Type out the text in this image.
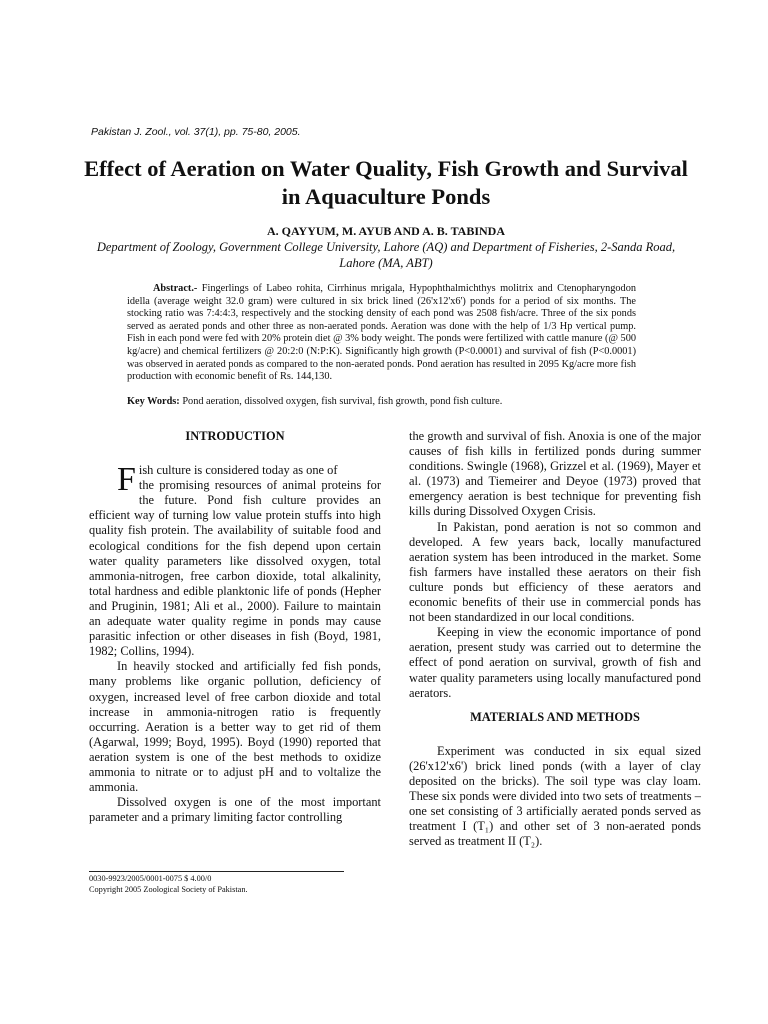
Pakistan J. Zool., vol. 37(1), pp. 75-80, 2005.
Effect of Aeration on Water Quality, Fish Growth and Survival in Aquaculture Ponds
A. QAYYUM, M. AYUB AND A. B. TABINDA
Department of Zoology, Government College University, Lahore (AQ) and Department of Fisheries, 2-Sanda Road, Lahore (MA, ABT)
Abstract.- Fingerlings of Labeo rohita, Cirrhinus mrigala, Hypophthalmichthys molitrix and Ctenopharyngodon idella (average weight 32.0 gram) were cultured in six brick lined (26'x12'x6') ponds for a period of six months. The stocking ratio was 7:4:4:3, respectively and the stocking density of each pond was 2508 fish/acre. Three of the six ponds served as aerated ponds and other three as non-aerated ponds. Aeration was done with the help of 1/3 Hp vertical pump. Fish in each pond were fed with 20% protein diet @ 3% body weight. The ponds were fertilized with cattle manure (@ 500 kg/acre) and chemical fertilizers @ 20:2:0 (N:P:K). Significantly high growth (P<0.0001) and survival of fish (P<0.0001) was observed in aerated ponds as compared to the non-aerated ponds. Pond aeration has resulted in 2095 Kg/acre more fish production with economic benefit of Rs. 144,130.
Key Words: Pond aeration, dissolved oxygen, fish survival, fish growth, pond fish culture.
INTRODUCTION

F ish culture is considered today as one of
the promising resources of animal proteins for the future. Pond fish culture provides an efficient way of turning low value protein stuffs into high quality fish protein. The availability of suitable food and ecological conditions for the fish depend upon certain water quality parameters like dissolved oxygen, total ammonia-nitrogen, free carbon dioxide, total alkalinity, total hardness and edible planktonic life of ponds (Hepher and Pruginin, 1981; Ali et al., 2000). Failure to maintain an adequate water quality regime in ponds may cause parasitic infection or other diseases in fish (Boyd, 1981, 1982; Collins, 1994).

In heavily stocked and artificially fed fish ponds, many problems like organic pollution, deficiency of oxygen, increased level of free carbon dioxide and total increase in ammonia-nitrogen ratio is frequently occurring. Aeration is a better way to get rid of them (Agarwal, 1999; Boyd, 1995). Boyd (1990) reported that aeration system is one of the best methods to oxidize ammonia to nitrate or to adjust pH and to voltalize the ammonia.

Dissolved oxygen is one of the most important parameter and a primary limiting factor controlling

the growth and survival of fish. Anoxia is one of the major causes of fish kills in fertilized ponds during summer conditions. Swingle (1968), Grizzel et al. (1969), Mayer et al. (1973) and Tiemeirer and Deyoe (1973) proved that emergency aeration is best technique for preventing fish kills during Dissolved Oxygen Crisis.

In Pakistan, pond aeration is not so common and developed. A few years back, locally manufactured aeration system has been introduced in the market. Some fish farmers have installed these aerators on their fish culture ponds but efficiency of these aerators and economic benefits of their use in commercial ponds has not been standardized in our local conditions.

Keeping in view the economic importance of pond aeration, present study was carried out to determine the effect of pond aeration on survival, growth of fish and water quality parameters using locally manufactured pond aerators.

MATERIALS AND METHODS

Experiment was conducted in six equal sized (26'x12'x6') brick lined ponds (with a layer of clay deposited on the bricks). The soil type was clay loam. These six ponds were divided into two sets of treatments – one set consisting of 3 artificially aerated ponds served as treatment I (T₁) and other set of 3 non-aerated ponds served as treatment II (T₂).

0030-9923/2005/0001-0075 $ 4.00/0
Copyright 2005 Zoological Society of Pakistan.
